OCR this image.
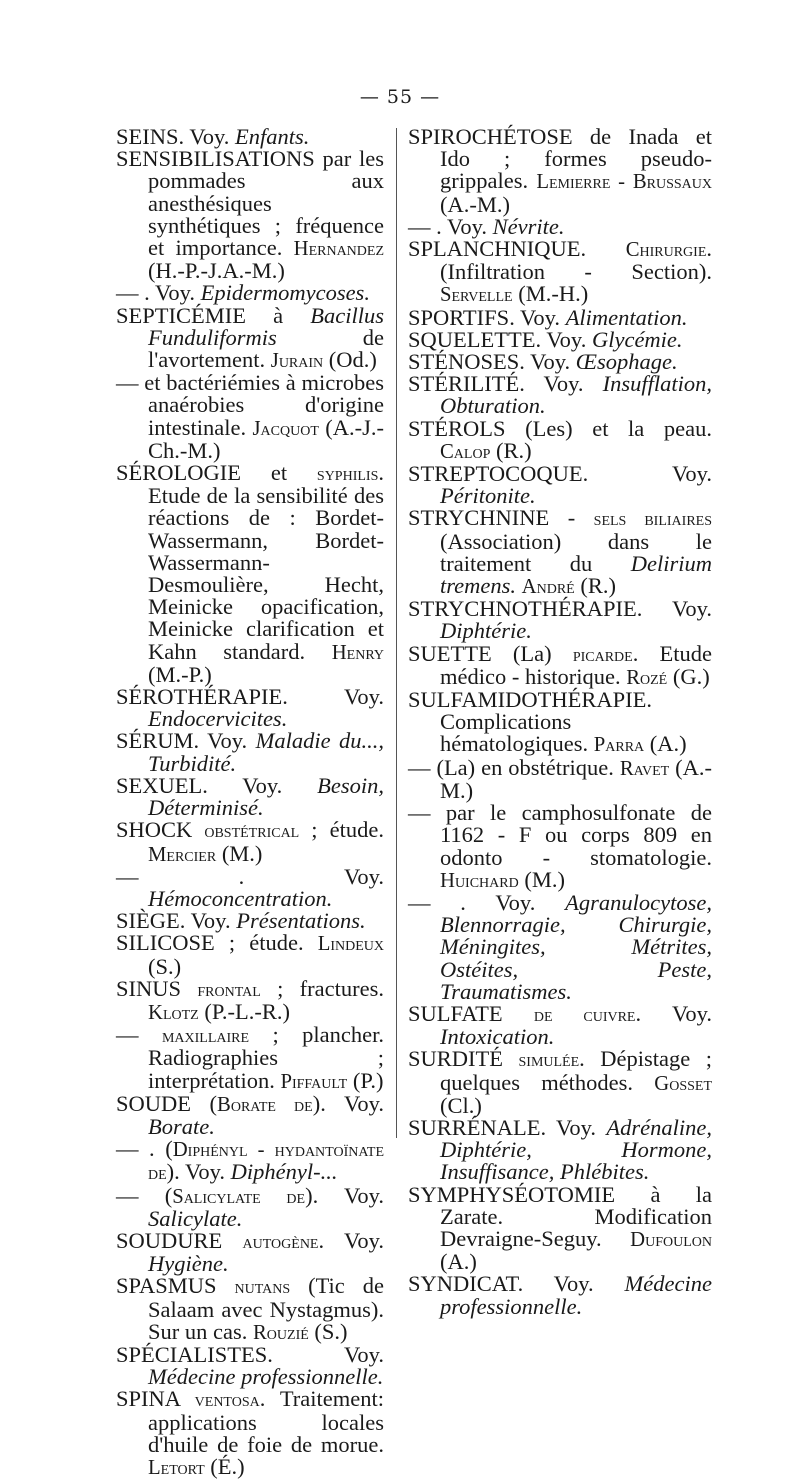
— 55 —
SEINS. Voy. Enfants.
SENSIBILISATIONS par les pommades aux anesthésiques synthétiques ; fréquence et importance. Hernandez (H.-P.-J.A.-M.)
— . Voy. Epidermomycoses.
SEPTICÉMIE à Bacillus Funduliformis de l'avortement. Jurain (Od.)
— et bactériémies à microbes anaérobies d'origine intestinale. Jacquot (A.-J.-Ch.-M.)
SÉROLOGIE et syphilis. Etude de la sensibilité des réactions de : Bordet-Wassermann, Bordet-Wassermann-Desmoulière, Hecht, Meinicke opacification, Meinicke clarification et Kahn standard. Henry (M.-P.)
SÉROTHÉRAPIE. Voy. Endocervicites.
SÉRUM. Voy. Maladie du..., Turbidité.
SEXUEL. Voy. Besoin, Déterminisé.
SHOCK obstétrical ; étude. Mercier (M.)
— . Voy. Hémoconcentration.
SIÈGE. Voy. Présentations.
SILICOSE ; étude. Lindeux (S.)
SINUS frontal ; fractures. Klotz (P.-L.-R.)
— maxillaire ; plancher. Radiographies ; interprétation. Piffault (P.)
SOUDE (Borate de). Voy. Borate.
— . (Diphényl - hydantoïnate de). Voy. Diphényl-...
— (Salicylate de). Voy. Salicylate.
SOUDURE autogène. Voy. Hygiène.
SPASMUS nutans (Tic de Salaam avec Nystagmus). Sur un cas. Rouzié (S.)
SPÉCIALISTES. Voy. Médecine professionnelle.
SPINA ventosa. Traitement: applications locales d'huile de foie de morue. Letort (É.)
SPIROCHÉTOSE de Inada et Ido ; formes pseudo-grippales. Lemierre - Brussaux (A.-M.)
— . Voy. Névrite.
SPLANCHNIQUE. Chirurgie. (Infiltration - Section). Servelle (M.-H.)
SPORTIFS. Voy. Alimentation.
SQUELETTE. Voy. Glycémie.
STÉNOSES. Voy. Œsophage.
STÉRILITÉ. Voy. Insufflation, Obturation.
STÉROLS (Les) et la peau. Calop (R.)
STREPTOCOQUE. Voy. Péritonite.
STRYCHNINE - sels biliaires (Association) dans le traitement du Delirium tremens. André (R.)
STRYCHNOTHÉRAPIE. Voy. Diphtérie.
SUETTE (La) picarde. Etude médico - historique. Rozé (G.)
SULFAMIDOTHÉRAPIE. Complications hématologiques. Parra (A.)
— (La) en obstétrique. Ravet (A.-M.)
— par le camphosulfonate de 1162 - F ou corps 809 en odonto - stomatologie. Huichard (M.)
— . Voy. Agranulocytose, Blennorragie, Chirurgie, Méningites, Métrites, Ostéites, Peste, Traumatismes.
SULFATE de cuivre. Voy. Intoxication.
SURDITÉ simulée. Dépistage ; quelques méthodes. Gosset (Cl.)
SURRÉNALE. Voy. Adrénaline, Diphtérie, Hormone, Insuffisance, Phlébites.
SYMPHYSÉOTOMIE à la Zarate. Modification Devraigne-Seguy. Dufoulon (A.)
SYNDICAT. Voy. Médecine professionnelle.
